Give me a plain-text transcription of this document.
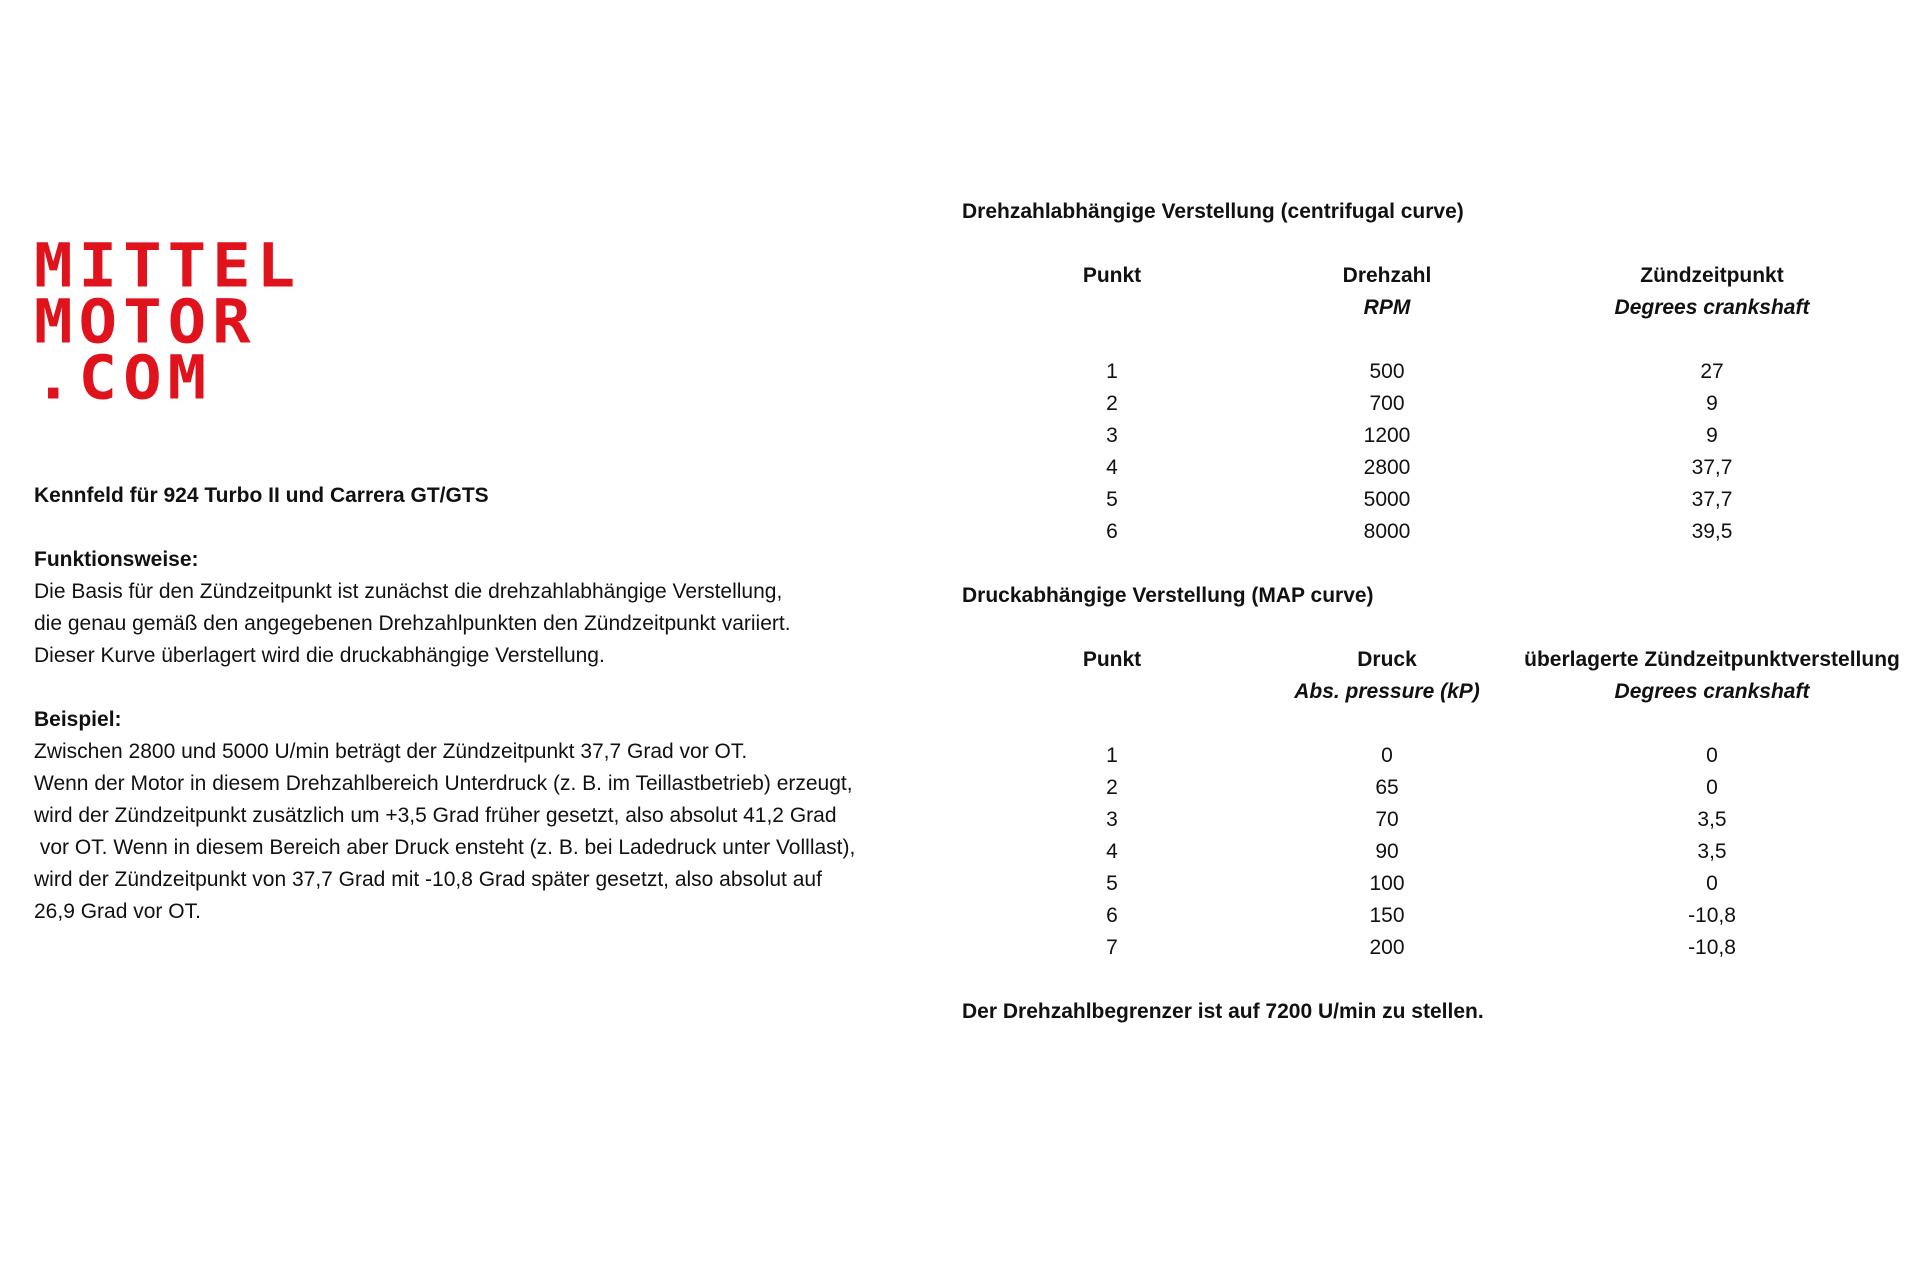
MITTEL
MOTOR
.COM
Kennfeld für 924 Turbo II und Carrera GT/GTS
Funktionsweise:

Die Basis für den Zündzeitpunkt ist zunächst die drehzahlabhängige Verstellung,

die genau gemäß den angegebenen Drehzahlpunkten den Zündzeitpunkt variiert.

Dieser Kurve überlagert wird die druckabhängige Verstellung.

Beispiel:

Zwischen 2800 und 5000 U/min beträgt der Zündzeitpunkt 37,7 Grad vor OT.

Wenn der Motor in diesem Drehzahlbereich Unterdruck (z. B. im Teillastbetrieb) erzeugt,

wird der Zündzeitpunkt zusätzlich um +3,5 Grad früher gesetzt, also absolut 41,2 Grad

vor OT. Wenn in diesem Bereich aber Druck ensteht (z. B. bei Ladedruck unter Volllast),

wird der Zündzeitpunkt von 37,7 Grad mit -10,8 Grad später gesetzt, also absolut auf

26,9 Grad vor OT.

Drehzahlabhängige Verstellung (centrifugal curve)
Punkt	Drehzahl	Zündzeitpunkt
	RPM	Degrees crankshaft

1	500	27
2	700	9
3	1200	9
4	2800	37,7
5	5000	37,7
6	8000	39,5
Druckabhängige Verstellung (MAP curve)
Punkt	Druck	überlagerte Zündzeitpunktverstellung
	Abs. pressure (kP)	Degrees crankshaft

1	0	0
2	65	0
3	70	3,5
4	90	3,5
5	100	0
6	150	-10,8
7	200	-10,8
Der Drehzahlbegrenzer ist auf 7200 U/min zu stellen.
